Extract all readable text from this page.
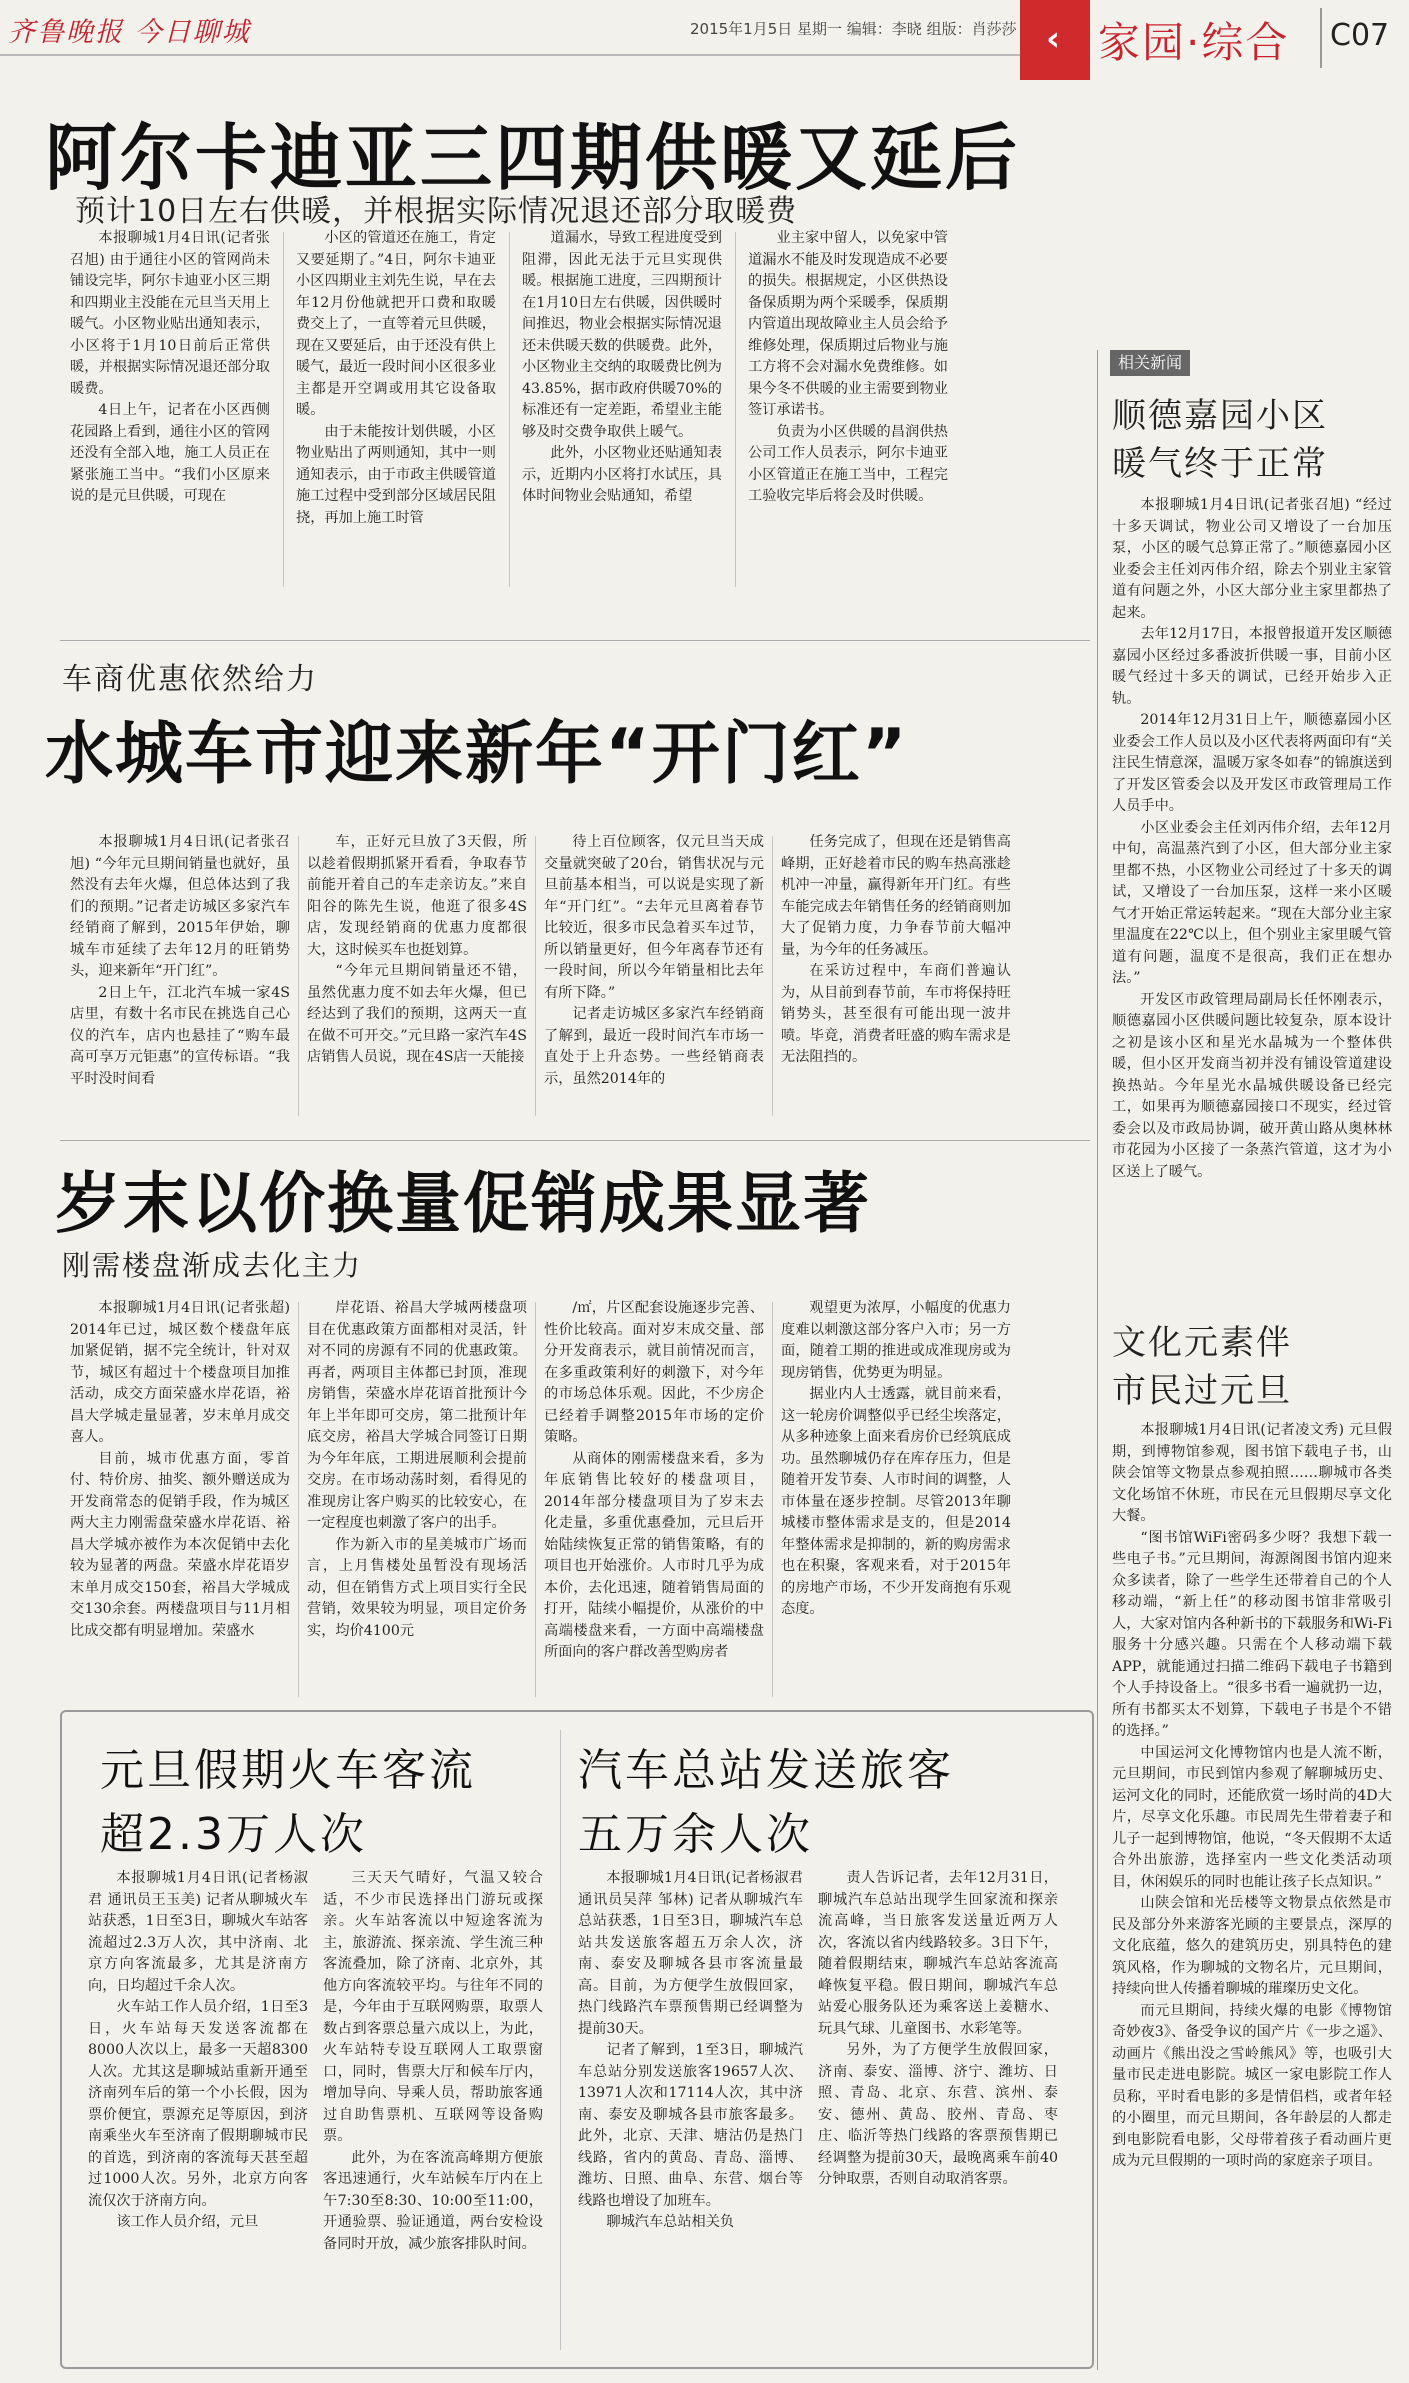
齐鲁晚报 今日聊城	2015年1月5日 星期一 编辑：李晓 组版：肖莎莎 ‹ 家园·综合 C07
阿尔卡迪亚三四期供暖又延后
预计10日左右供暖，并根据实际情况退还部分取暖费

本报聊城1月4日讯(记者张召旭) 由于通往小区的管网尚未铺设完毕，阿尔卡迪亚小区三期和四期业主没能在元旦当天用上暖气。小区物业贴出通知表示，小区将于1月10日前后正常供暖，并根据实际情况退还部分取暖费。

4日上午，记者在小区西侧花园路上看到，通往小区的管网还没有全部入地，施工人员正在紧张施工当中。“我们小区原来说的是元旦供暖，可现在

小区的管道还在施工，肯定又要延期了。”4日，阿尔卡迪亚小区四期业主刘先生说，早在去年12月份他就把开口费和取暖费交上了，一直等着元旦供暖，现在又要延后，由于还没有供上暖气，最近一段时间小区很多业主都是开空调或用其它设备取暖。

由于未能按计划供暖，小区物业贴出了两则通知，其中一则通知表示，由于市政主供暖管道施工过程中受到部分区域居民阻挠，再加上施工时管

道漏水，导致工程进度受到阻滞，因此无法于元旦实现供暖。根据施工进度，三四期预计在1月10日左右供暖，因供暖时间推迟，物业会根据实际情况退还未供暖天数的供暖费。此外，小区物业主交纳的取暖费比例为43.85%，据市政府供暖70%的标准还有一定差距，希望业主能够及时交费争取供上暖气。

此外，小区物业还贴通知表示，近期内小区将打水试压，具体时间物业会贴通知，希望

业主家中留人，以免家中管道漏水不能及时发现造成不必要的损失。根据规定，小区供热设备保质期为两个采暖季，保质期内管道出现故障业主人员会给予维修处理，保质期过后物业与施工方将不会对漏水免费维修。如果今冬不供暖的业主需要到物业签订承诺书。

负责为小区供暖的昌润供热公司工作人员表示，阿尔卡迪亚小区管道正在施工当中，工程完工验收完毕后将会及时供暖。

车商优惠依然给力
水城车市迎来新年“开门红”

本报聊城1月4日讯(记者张召旭) “今年元旦期间销量也就好，虽然没有去年火爆，但总体达到了我们的预期。”记者走访城区多家汽车经销商了解到，2015年伊始，聊城车市延续了去年12月的旺销势头，迎来新年“开门红”。

2日上午，江北汽车城一家4S店里，有数十名市民在挑选自己心仪的汽车，店内也悬挂了“购车最高可享万元钜惠”的宣传标语。“我平时没时间看

车，正好元旦放了3天假，所以趁着假期抓紧开看看，争取春节前能开着自己的车走亲访友。”来自阳谷的陈先生说，他逛了很多4S店，发现经销商的优惠力度都很大，这时候买车也挺划算。

“今年元旦期间销量还不错，虽然优惠力度不如去年火爆，但已经达到了我们的预期，这两天一直在做不可开交。”元旦路一家汽车4S店销售人员说，现在4S店一天能接

待上百位顾客，仅元旦当天成交量就突破了20台，销售状况与元旦前基本相当，可以说是实现了新年“开门红”。“去年元旦离着春节比较近，很多市民急着买车过节，所以销量更好，但今年离春节还有一段时间，所以今年销量相比去年有所下降。”

记者走访城区多家汽车经销商了解到，最近一段时间汽车市场一直处于上升态势。一些经销商表示，虽然2014年的

任务完成了，但现在还是销售高峰期，正好趁着市民的购车热高涨趁机冲一冲量，赢得新年开门红。有些车能完成去年销售任务的经销商则加大了促销力度，力争春节前大幅冲量，为今年的任务减压。

在采访过程中，车商们普遍认为，从目前到春节前，车市将保持旺销势头，甚至很有可能出现一波井喷。毕竟，消费者旺盛的购车需求是无法阻挡的。

岁末以价换量促销成果显著
刚需楼盘渐成去化主力

本报聊城1月4日讯(记者张超) 2014年已过，城区数个楼盘年底加紧促销，据不完全统计，针对双节，城区有超过十个楼盘项目加推活动，成交方面荣盛水岸花语，裕昌大学城走量显著，岁末单月成交喜人。

目前，城市优惠方面，零首付、特价房、抽奖、额外赠送成为开发商常态的促销手段，作为城区两大主力刚需盘荣盛水岸花语、裕昌大学城亦被作为本次促销中去化较为显著的两盘。荣盛水岸花语岁末单月成交150套，裕昌大学城成交130余套。两楼盘项目与11月相比成交都有明显增加。荣盛水

岸花语、裕昌大学城两楼盘项目在优惠政策方面都相对灵活，针对不同的房源有不同的优惠政策。再者，两项目主体都已封顶，准现房销售，荣盛水岸花语首批预计今年上半年即可交房，第二批预计年底交房，裕昌大学城合同签订日期为今年年底，工期进展顺利会提前交房。在市场动荡时刻，看得见的准现房让客户购买的比较安心，在一定程度也刺激了客户的出手。

作为新入市的星美城市广场而言，上月售楼处虽暂没有现场活动，但在销售方式上项目实行全民营销，效果较为明显，项目定价务实，均价4100元

/㎡，片区配套设施逐步完善、性价比较高。面对岁末成交量、部分开发商表示，就目前情况而言，在多重政策利好的刺激下，对今年的市场总体乐观。因此，不少房企已经着手调整2015年市场的定价策略。

从商体的刚需楼盘来看，多为年底销售比较好的楼盘项目，2014年部分楼盘项目为了岁末去化走量，多重优惠叠加，元旦后开始陆续恢复正常的销售策略，有的项目也开始涨价。人市时几乎为成本价，去化迅速，随着销售局面的打开，陆续小幅提价，从涨价的中高端楼盘来看，一方面中高端楼盘所面向的客户群改善型购房者

观望更为浓厚，小幅度的优惠力度难以刺激这部分客户入市；另一方面，随着工期的推进或成准现房或为现房销售，优势更为明显。

据业内人士透露，就目前来看，这一轮房价调整似乎已经尘埃落定，从多种迹象上面来看房价已经筑底成功。虽然聊城仍存在库存压力，但是随着开发节奏、人市时间的调整，人市体量在逐步控制。尽管2013年聊城楼市整体需求是支的，但是2014年整体需求是抑制的，新的购房需求也在积聚，客观来看，对于2015年的房地产市场，不少开发商抱有乐观态度。

元旦假期火车客流
超2.3万人次

本报聊城1月4日讯(记者杨淑君 通讯员王玉美) 记者从聊城火车站获悉，1日至3日，聊城火车站客流超过2.3万人次，其中济南、北京方向客流最多，尤其是济南方向，日均超过千余人次。

火车站工作人员介绍，1日至3日，火车站每天发送客流都在8000人次以上，最多一天超8300人次。尤其这是聊城站重新开通至济南列车后的第一个小长假，因为票价便宜，票源充足等原因，到济南乘坐火车至济南了假期聊城市民的首选，到济南的客流每天甚至超过1000人次。另外，北京方向客流仅次于济南方向。

该工作人员介绍，元旦

三天天气晴好，气温又较合适，不少市民选择出门游玩或探亲。火车站客流以中短途客流为主，旅游流、探亲流、学生流三种客流叠加，除了济南、北京外，其他方向客流较平均。与往年不同的是，今年由于互联网购票，取票人数占到客票总量六成以上，为此，火车站特专设互联网人工取票窗口，同时，售票大厅和候车厅内，增加导向、导乘人员，帮助旅客通过自助售票机、互联网等设备购票。

此外，为在客流高峰期方便旅客迅速通行，火车站候车厅内在上午7:30至8:30、10:00至11:00，开通验票、验证通道，两台安检设备同时开放，减少旅客排队时间。

汽车总站发送旅客
五万余人次

本报聊城1月4日讯(记者杨淑君 通讯员吴萍 邹林) 记者从聊城汽车总站获悉，1日至3日，聊城汽车总站共发送旅客超五万余人次，济南、泰安及聊城各县市客流量最高。目前，为方便学生放假回家，热门线路汽车票预售期已经调整为提前30天。

记者了解到，1至3日，聊城汽车总站分别发送旅客19657人次、13971人次和17114人次，其中济南、泰安及聊城各县市旅客最多。此外，北京、天津、塘沽仍是热门线路，省内的黄岛、青岛、淄博、潍坊、日照、曲阜、东营、烟台等线路也增设了加班车。

聊城汽车总站相关负

责人告诉记者，去年12月31日，聊城汽车总站出现学生回家流和探亲流高峰，当日旅客发送量近两万人次，客流以省内线路较多。3日下午，随着假期结束，聊城汽车总站客流高峰恢复平稳。假日期间，聊城汽车总站爱心服务队还为乘客送上姜糖水、玩具气球、儿童图书、水彩笔等。

另外，为了方便学生放假回家，济南、泰安、淄博、济宁、潍坊、日照、青岛、北京、东营、滨州、泰安、德州、黄岛、胶州、青岛、枣庄、临沂等热门线路的客票预售期已经调整为提前30天，最晚离乘车前40分钟取票，否则自动取消客票。

相关新闻
顺德嘉园小区
暖气终于正常

本报聊城1月4日讯(记者张召旭) “经过十多天调试，物业公司又增设了一台加压泵，小区的暖气总算正常了。”顺德嘉园小区业委会主任刘丙伟介绍，除去个别业主家管道有问题之外，小区大部分业主家里都热了起来。

去年12月17日，本报曾报道开发区顺德嘉园小区经过多番波折供暖一事，目前小区暖气经过十多天的调试，已经开始步入正轨。

2014年12月31日上午，顺德嘉园小区业委会工作人员以及小区代表将两面印有“关注民生情意深，温暖万家冬如春”的锦旗送到了开发区管委会以及开发区市政管理局工作人员手中。

小区业委会主任刘丙伟介绍，去年12月中旬，高温蒸汽到了小区，但大部分业主家里都不热，小区物业公司经过了十多天的调试，又增设了一台加压泵，这样一来小区暖气才开始正常运转起来。“现在大部分业主家里温度在22℃以上，但个别业主家里暖气管道有问题，温度不是很高，我们正在想办法。”

开发区市政管理局副局长任怀刚表示，顺德嘉园小区供暖问题比较复杂，原本设计之初是该小区和星光水晶城为一个整体供暖，但小区开发商当初并没有铺设管道建设换热站。今年星光水晶城供暖设备已经完工，如果再为顺德嘉园接口不现实，经过管委会以及市政局协调，破开黄山路从奥林林市花园为小区接了一条蒸汽管道，这才为小区送上了暖气。

文化元素伴
市民过元旦

本报聊城1月4日讯(记者凌文秀) 元旦假期，到博物馆参观，图书馆下载电子书，山陕会馆等文物景点参观拍照……聊城市各类文化场馆不休班，市民在元旦假期尽享文化大餐。

“图书馆WiFi密码多少呀？我想下载一些电子书。”元旦期间，海源阁图书馆内迎来众多读者，除了一些学生还带着自己的个人移动端，“新上任”的移动图书馆非常吸引人，大家对馆内各种新书的下载服务和Wi-Fi服务十分感兴趣。只需在个人移动端下载APP，就能通过扫描二维码下载电子书籍到个人手持设备上。“很多书看一遍就扔一边，所有书都买太不划算，下载电子书是个不错的选择。”

中国运河文化博物馆内也是人流不断，元旦期间，市民到馆内参观了解聊城历史、运河文化的同时，还能欣赏一场时尚的4D大片，尽享文化乐趣。市民周先生带着妻子和儿子一起到博物馆，他说，“冬天假期不太适合外出旅游，选择室内一些文化类活动项目，休闲娱乐的同时也能让孩子长点知识。”

山陕会馆和光岳楼等文物景点依然是市民及部分外来游客光顾的主要景点，深厚的文化底蕴，悠久的建筑历史，别具特色的建筑风格，作为聊城的文物名片，元旦期间，持续向世人传播着聊城的璀璨历史文化。

而元旦期间，持续火爆的电影《博物馆奇妙夜3》、备受争议的国产片《一步之遥》、动画片《熊出没之雪岭熊风》等，也吸引大量市民走进电影院。城区一家电影院工作人员称，平时看电影的多是情侣档，或者年轻的小圈里，而元旦期间，各年龄层的人都走到电影院看电影，父母带着孩子看动画片更成为元旦假期的一项时尚的家庭亲子项目。
